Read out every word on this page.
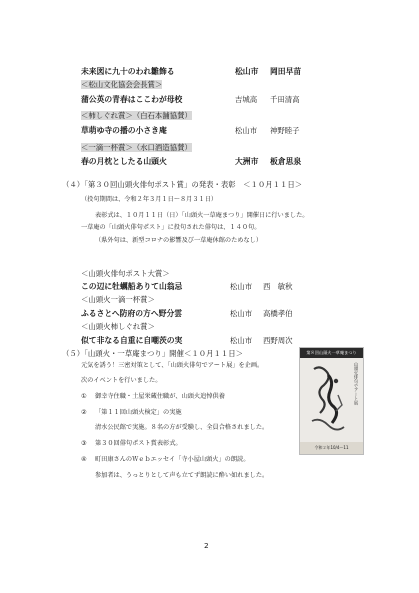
未来図に九十のわれ雛飾る	松山市 岡田早苗
＜松山文化協会会長賞＞
蒲公英の青春はここわが母校	吉城高 千田清高
＜柿しぐれ賞＞（白石本舗協賛）
草萌ゆ寺の播の小さき庵	松山市 神野睦子
＜一滴一杯賞＞（水口酒造協賛）
春の月枕としたる山頭火	大洲市 板倉思泉
（４）「第３０回山頭火俳句ポスト賞」の発表・表彰　＜１０月１１日＞
（投句期間は、令和２年３月１日～８月３１日）
表彰式は、１０月１１日（日）「山頭火一草庵まつり」開催日に行いました。
一草庵の「山頭火俳句ポスト」に投句された俳句は、１４０句。
（県外句は、新型コロナの影響及び一草庵休館のためなし）
＜山頭火俳句ポスト大賞＞
この辺に牡蠣船ありて山翁忌	松山市 西　敏秋
＜山頭火一滴一杯賞＞
ふるさとへ防府の方へ野分雲	松山市 高橋孝伯
＜山頭火柿しぐれ賞＞
似て非なる自重に自嘲茨の実	松山市 西野周次
（５）「山頭火・一草庵まつり」開催＜１０月１１日＞
元気を誘う！三密対策として、「山頭火俳句でアート展」を企画。
次のイベントを行いました。
① 御幸寺住職・土屋栄蔵住職が、山頭火追悼供養
② 「第１１回山頭火検定」の実施
清水公民館で実施。８名の方が受験し、全員合格されました。
③ 第３０回俳句ポスト賞表彰式。
④ 町田康さんのＷｅｂエッセイ「寺小屋山頭火」の朗読。
参加者は、うっとりとして声も立てず朗読に酔い如れました。
第８回山頭火一草庵まつり
山頭火俳句でアート展
令和２年10/4～11
2
